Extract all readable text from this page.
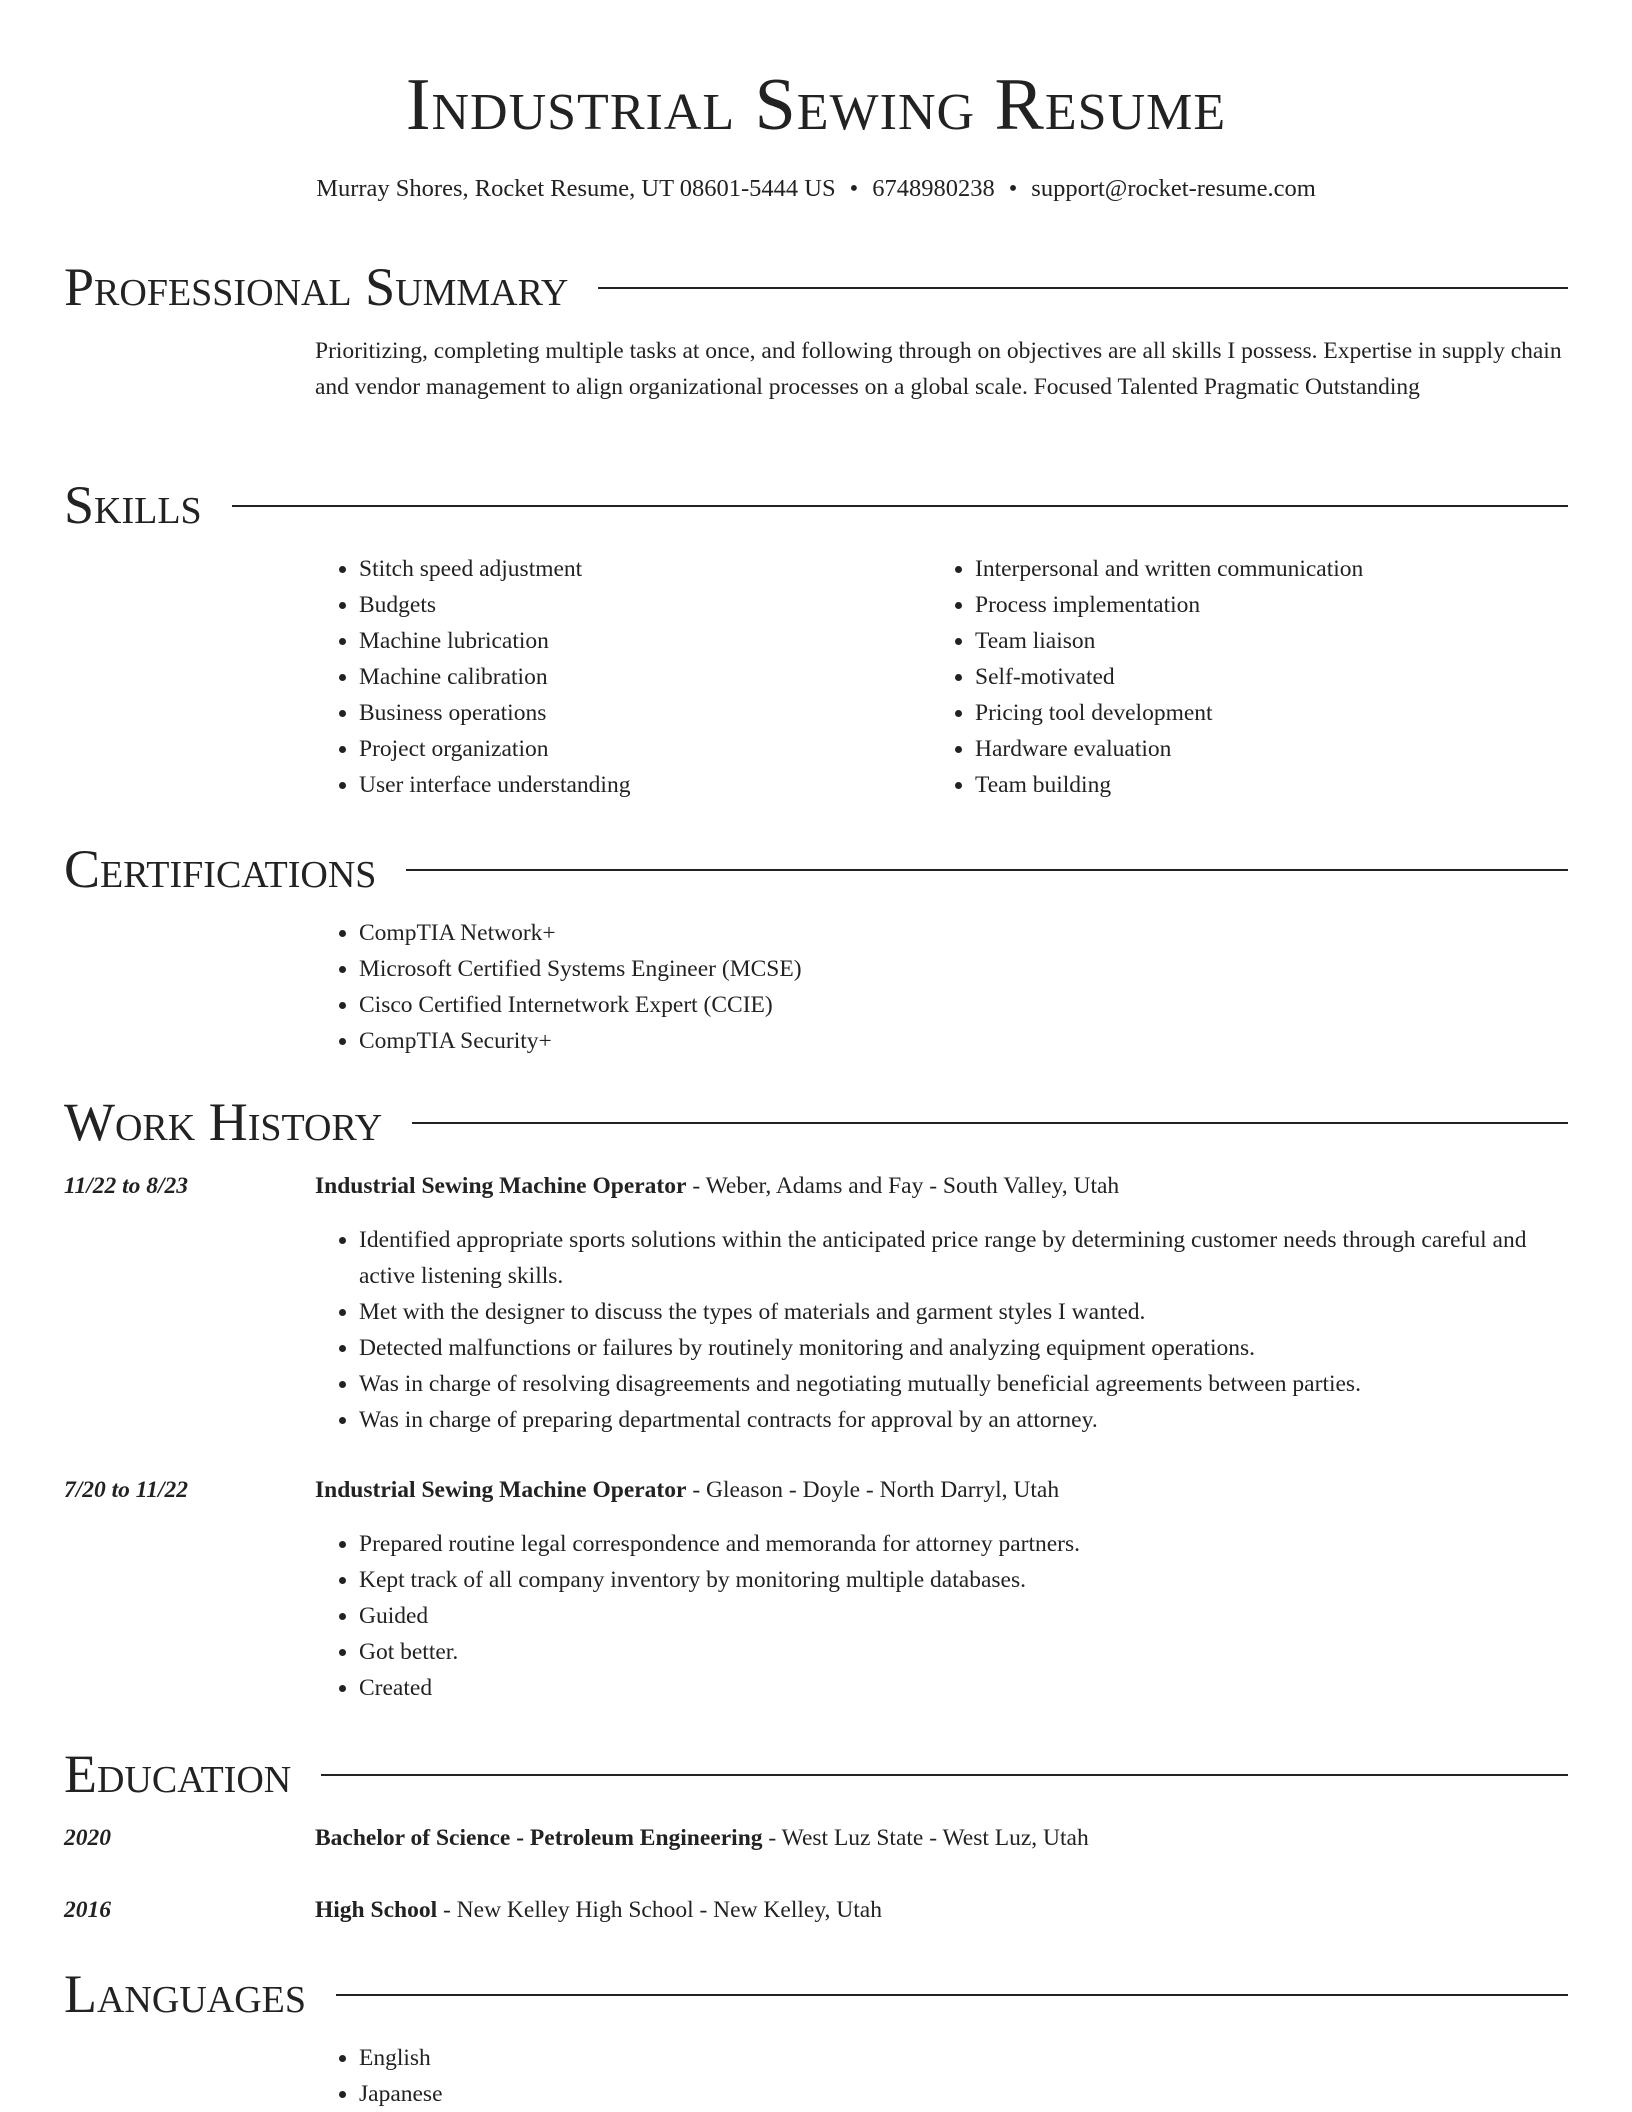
Industrial Sewing Resume
Murray Shores, Rocket Resume, UT 08601-5444 US • 6748980238 • support@rocket-resume.com
Professional Summary

Prioritizing, completing multiple tasks at once, and following through on objectives are all skills I possess. Expertise in supply chain and vendor management to align organizational processes on a global scale. Focused Talented Pragmatic Outstanding

Skills
• Stitch speed adjustment
• Budgets
• Machine lubrication
• Machine calibration
• Business operations
• Project organization
• User interface understanding
• Interpersonal and written communication
• Process implementation
• Team liaison
• Self-motivated
• Pricing tool development
• Hardware evaluation
• Team building
Certifications
• CompTIA Network+
• Microsoft Certified Systems Engineer (MCSE)
• Cisco Certified Internetwork Expert (CCIE)
• CompTIA Security+
Work History
11/22 to 8/23	Industrial Sewing Machine Operator - Weber, Adams and Fay - South Valley, Utah
• Identified appropriate sports solutions within the anticipated price range by determining customer needs through careful and active listening skills.
• Met with the designer to discuss the types of materials and garment styles I wanted.
• Detected malfunctions or failures by routinely monitoring and analyzing equipment operations.
• Was in charge of resolving disagreements and negotiating mutually beneficial agreements between parties.
• Was in charge of preparing departmental contracts for approval by an attorney.
7/20 to 11/22	Industrial Sewing Machine Operator - Gleason - Doyle - North Darryl, Utah
• Prepared routine legal correspondence and memoranda for attorney partners.
• Kept track of all company inventory by monitoring multiple databases.
• Guided
• Got better.
• Created
Education
2020	Bachelor of Science - Petroleum Engineering - West Luz State - West Luz, Utah
2016	High School - New Kelley High School - New Kelley, Utah
Languages
• English
• Japanese
